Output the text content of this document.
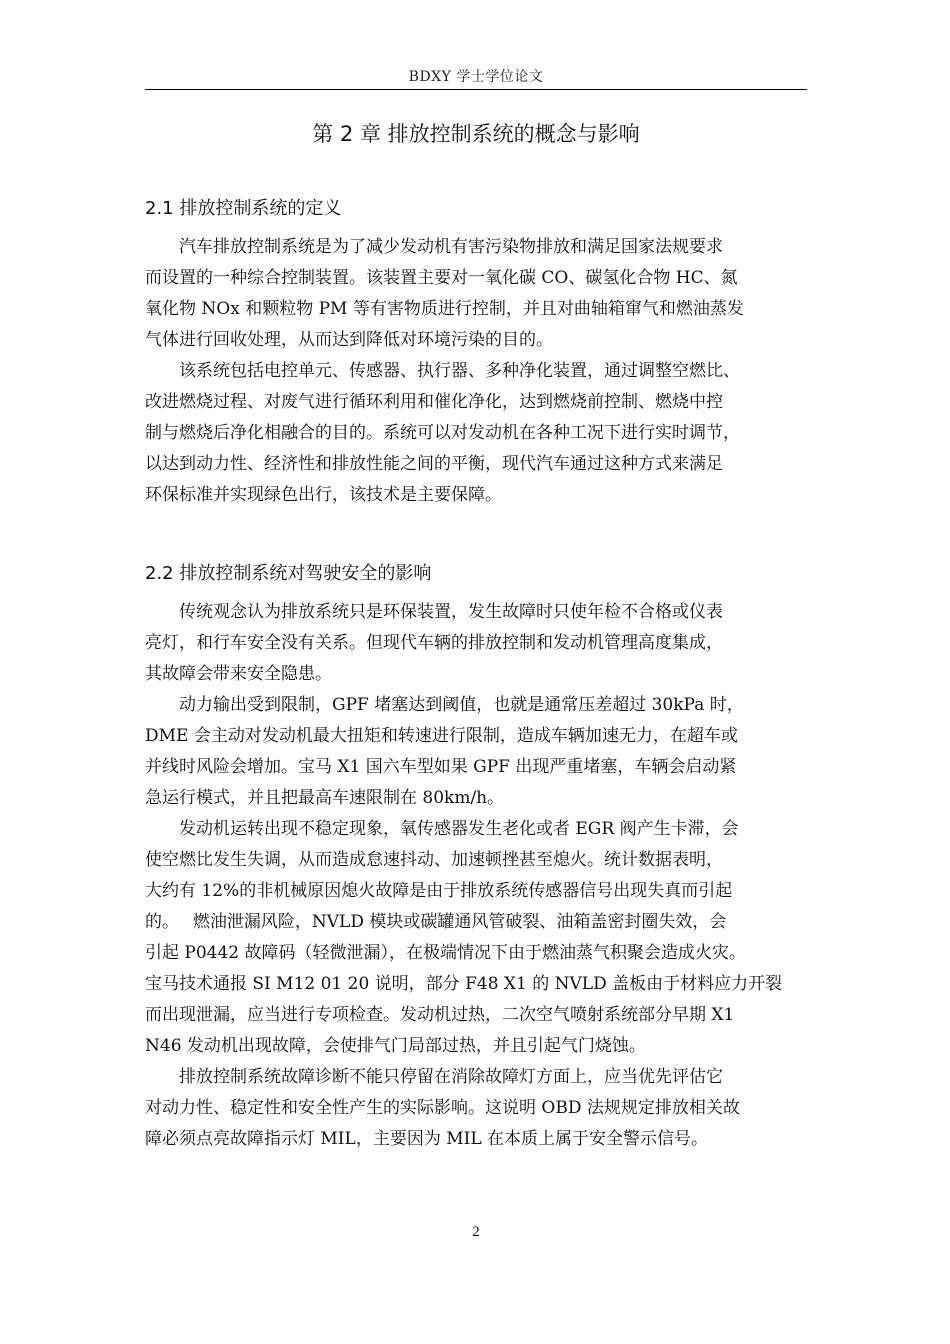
BDXY 学士学位论文
第 2 章 排放控制系统的概念与影响
2.1 排放控制系统的定义

汽车排放控制系统是为了减少发动机有害污染物排放和满足国家法规要求
而设置的一种综合控制装置。该装置主要对一氧化碳 CO、碳氢化合物 HC、氮
氧化物 NOx 和颗粒物 PM 等有害物质进行控制，并且对曲轴箱窜气和燃油蒸发
气体进行回收处理，从而达到降低对环境污染的目的。

该系统包括电控单元、传感器、执行器、多种净化装置，通过调整空燃比、
改进燃烧过程、对废气进行循环利用和催化净化，达到燃烧前控制、燃烧中控
制与燃烧后净化相融合的目的。系统可以对发动机在各种工况下进行实时调节，
以达到动力性、经济性和排放性能之间的平衡，现代汽车通过这种方式来满足
环保标准并实现绿色出行，该技术是主要保障。

2.2 排放控制系统对驾驶安全的影响

传统观念认为排放系统只是环保装置，发生故障时只使年检不合格或仪表
亮灯，和行车安全没有关系。但现代车辆的排放控制和发动机管理高度集成，
其故障会带来安全隐患。

动力输出受到限制，GPF 堵塞达到阈值，也就是通常压差超过 30kPa 时，
DME 会主动对发动机最大扭矩和转速进行限制，造成车辆加速无力，在超车或
并线时风险会增加。宝马 X1 国六车型如果 GPF 出现严重堵塞，车辆会启动紧
急运行模式，并且把最高车速限制在 80km/h。

发动机运转出现不稳定现象，氧传感器发生老化或者 EGR 阀产生卡滞，会
使空燃比发生失调，从而造成怠速抖动、加速顿挫甚至熄火。统计数据表明，
大约有 12%的非机械原因熄火故障是由于排放系统传感器信号出现失真而引起
的。　 燃油泄漏风险，NVLD 模块或碳罐通风管破裂、油箱盖密封圈失效，会
引起 P0442 故障码（轻微泄漏），在极端情况下由于燃油蒸气积聚会造成火灾。
宝马技术通报 SI M12 01 20 说明，部分 F48 X1 的 NVLD 盖板由于材料应力开裂
而出现泄漏，应当进行专项检查。发动机过热，二次空气喷射系统部分早期 X1
N46 发动机出现故障，会使排气门局部过热，并且引起气门烧蚀。

排放控制系统故障诊断不能只停留在消除故障灯方面上，应当优先评估它
对动力性、稳定性和安全性产生的实际影响。这说明 OBD 法规规定排放相关故
障必须点亮故障指示灯 MIL，主要因为 MIL 在本质上属于安全警示信号。

2
